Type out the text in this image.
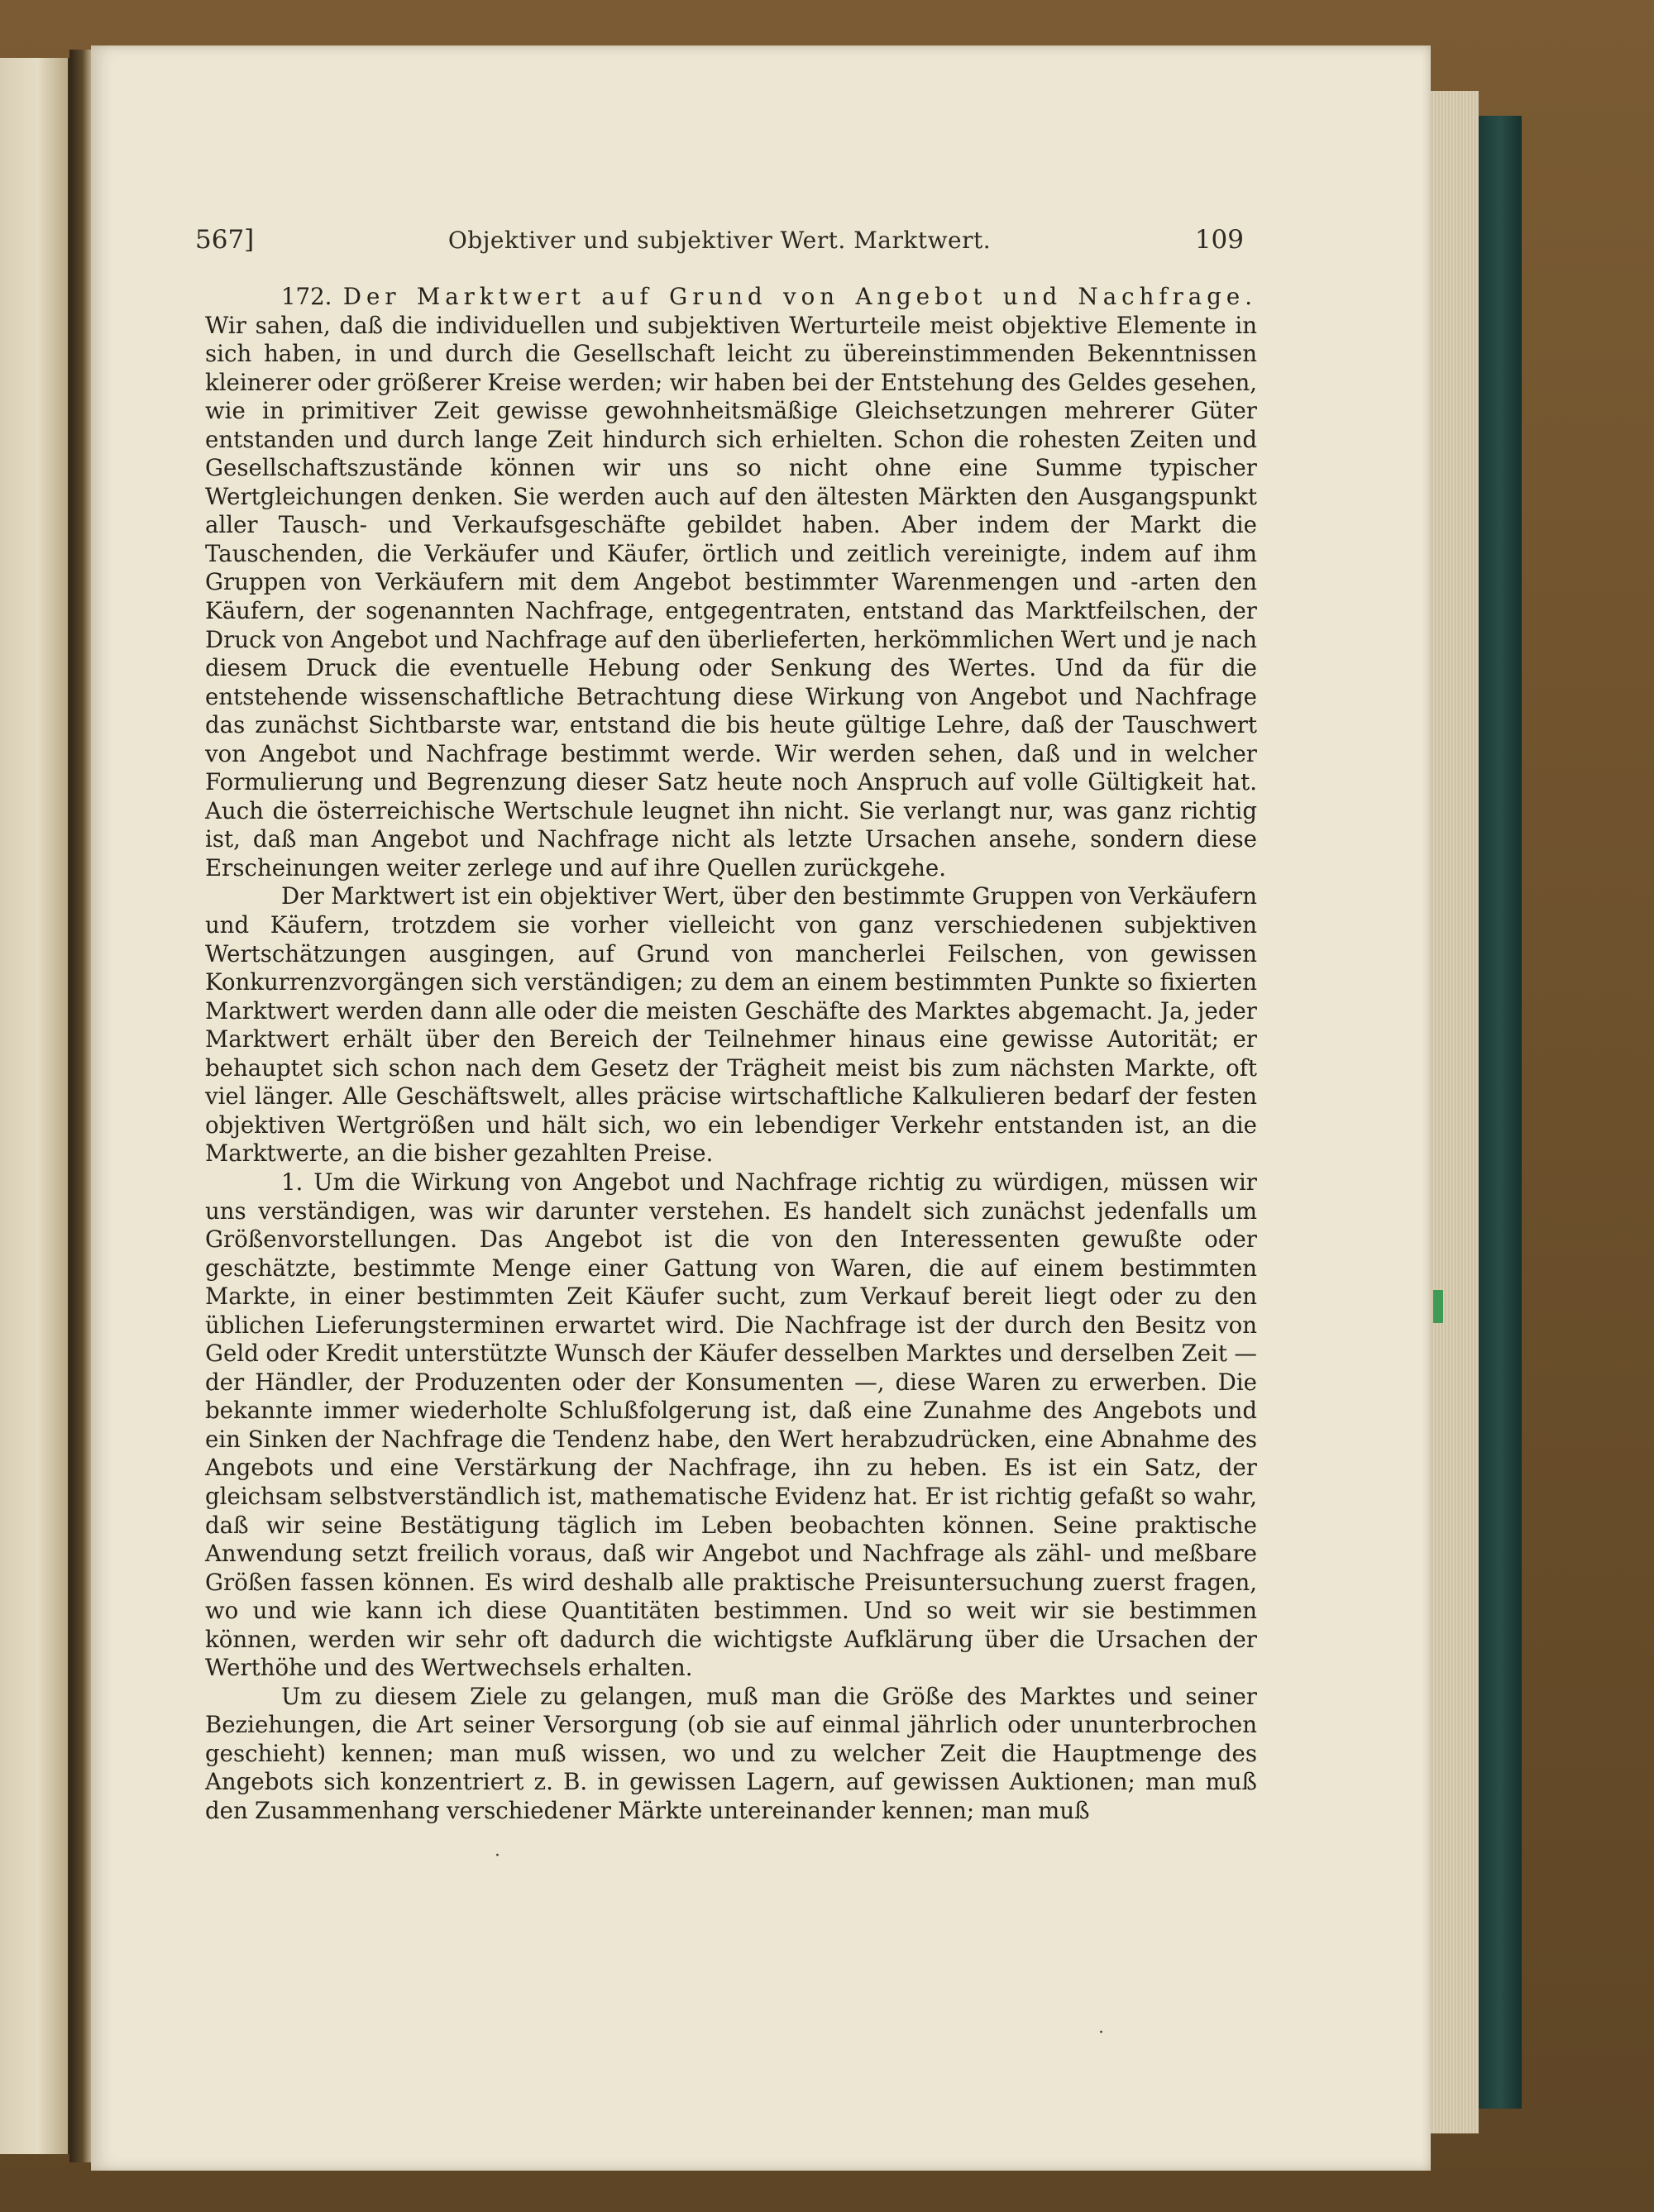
567]	Objektiver und subjektiver Wert. Marktwert.	109

172. Der Marktwert auf Grund von Angebot und Nachfrage. Wir sahen, daß die individuellen und subjektiven Werturteile meist objektive Elemente in sich haben, in und durch die Gesellschaft leicht zu übereinstimmenden Bekenntnissen kleinerer oder größerer Kreise werden; wir haben bei der Entstehung des Geldes gesehen, wie in primitiver Zeit gewisse gewohnheitsmäßige Gleichsetzungen mehrerer Güter entstanden und durch lange Zeit hindurch sich erhielten. Schon die rohesten Zeiten und Gesellschaftszustände können wir uns so nicht ohne eine Summe typischer Wertgleichungen denken. Sie werden auch auf den ältesten Märkten den Ausgangspunkt aller Tausch- und Verkaufsgeschäfte gebildet haben. Aber indem der Markt die Tauschenden, die Verkäufer und Käufer, örtlich und zeitlich vereinigte, indem auf ihm Gruppen von Verkäufern mit dem Angebot bestimmter Warenmengen und -arten den Käufern, der sogenannten Nachfrage, entgegentraten, entstand das Marktfeilschen, der Druck von Angebot und Nachfrage auf den überlieferten, herkömmlichen Wert und je nach diesem Druck die eventuelle Hebung oder Senkung des Wertes. Und da für die entstehende wissenschaftliche Betrachtung diese Wirkung von Angebot und Nachfrage das zunächst Sichtbarste war, entstand die bis heute gültige Lehre, daß der Tauschwert von Angebot und Nachfrage bestimmt werde. Wir werden sehen, daß und in welcher Formulierung und Begrenzung dieser Satz heute noch Anspruch auf volle Gültigkeit hat. Auch die österreichische Wertschule leugnet ihn nicht. Sie verlangt nur, was ganz richtig ist, daß man Angebot und Nachfrage nicht als letzte Ursachen ansehe, sondern diese Erscheinungen weiter zerlege und auf ihre Quellen zurückgehe.

Der Marktwert ist ein objektiver Wert, über den bestimmte Gruppen von Verkäufern und Käufern, trotzdem sie vorher vielleicht von ganz verschiedenen subjektiven Wertschätzungen ausgingen, auf Grund von mancherlei Feilschen, von gewissen Konkurrenzvorgängen sich verständigen; zu dem an einem bestimmten Punkte so fixierten Marktwert werden dann alle oder die meisten Geschäfte des Marktes abgemacht. Ja, jeder Marktwert erhält über den Bereich der Teilnehmer hinaus eine gewisse Autorität; er behauptet sich schon nach dem Gesetz der Trägheit meist bis zum nächsten Markte, oft viel länger. Alle Geschäftswelt, alles präcise wirtschaftliche Kalkulieren bedarf der festen objektiven Wertgrößen und hält sich, wo ein lebendiger Verkehr entstanden ist, an die Marktwerte, an die bisher gezahlten Preise.

1. Um die Wirkung von Angebot und Nachfrage richtig zu würdigen, müssen wir uns verständigen, was wir darunter verstehen. Es handelt sich zunächst jedenfalls um Größenvorstellungen. Das Angebot ist die von den Interessenten gewußte oder geschätzte, bestimmte Menge einer Gattung von Waren, die auf einem bestimmten Markte, in einer bestimmten Zeit Käufer sucht, zum Verkauf bereit liegt oder zu den üblichen Lieferungsterminen erwartet wird. Die Nachfrage ist der durch den Besitz von Geld oder Kredit unterstützte Wunsch der Käufer desselben Marktes und derselben Zeit — der Händler, der Produzenten oder der Konsumenten —, diese Waren zu erwerben. Die bekannte immer wiederholte Schlußfolgerung ist, daß eine Zunahme des Angebots und ein Sinken der Nachfrage die Tendenz habe, den Wert herabzudrücken, eine Abnahme des Angebots und eine Verstärkung der Nachfrage, ihn zu heben. Es ist ein Satz, der gleichsam selbstverständlich ist, mathematische Evidenz hat. Er ist richtig gefaßt so wahr, daß wir seine Bestätigung täglich im Leben beobachten können. Seine praktische Anwendung setzt freilich voraus, daß wir Angebot und Nachfrage als zähl- und meßbare Größen fassen können. Es wird deshalb alle praktische Preisuntersuchung zuerst fragen, wo und wie kann ich diese Quantitäten bestimmen. Und so weit wir sie bestimmen können, werden wir sehr oft dadurch die wichtigste Aufklärung über die Ursachen der Werthöhe und des Wertwechsels erhalten.

Um zu diesem Ziele zu gelangen, muß man die Größe des Marktes und seiner Beziehungen, die Art seiner Versorgung (ob sie auf einmal jährlich oder ununterbrochen geschieht) kennen; man muß wissen, wo und zu welcher Zeit die Hauptmenge des Angebots sich konzentriert z. B. in gewissen Lagern, auf gewissen Auktionen; man muß den Zusammenhang verschiedener Märkte untereinander kennen; man muß

·
·
